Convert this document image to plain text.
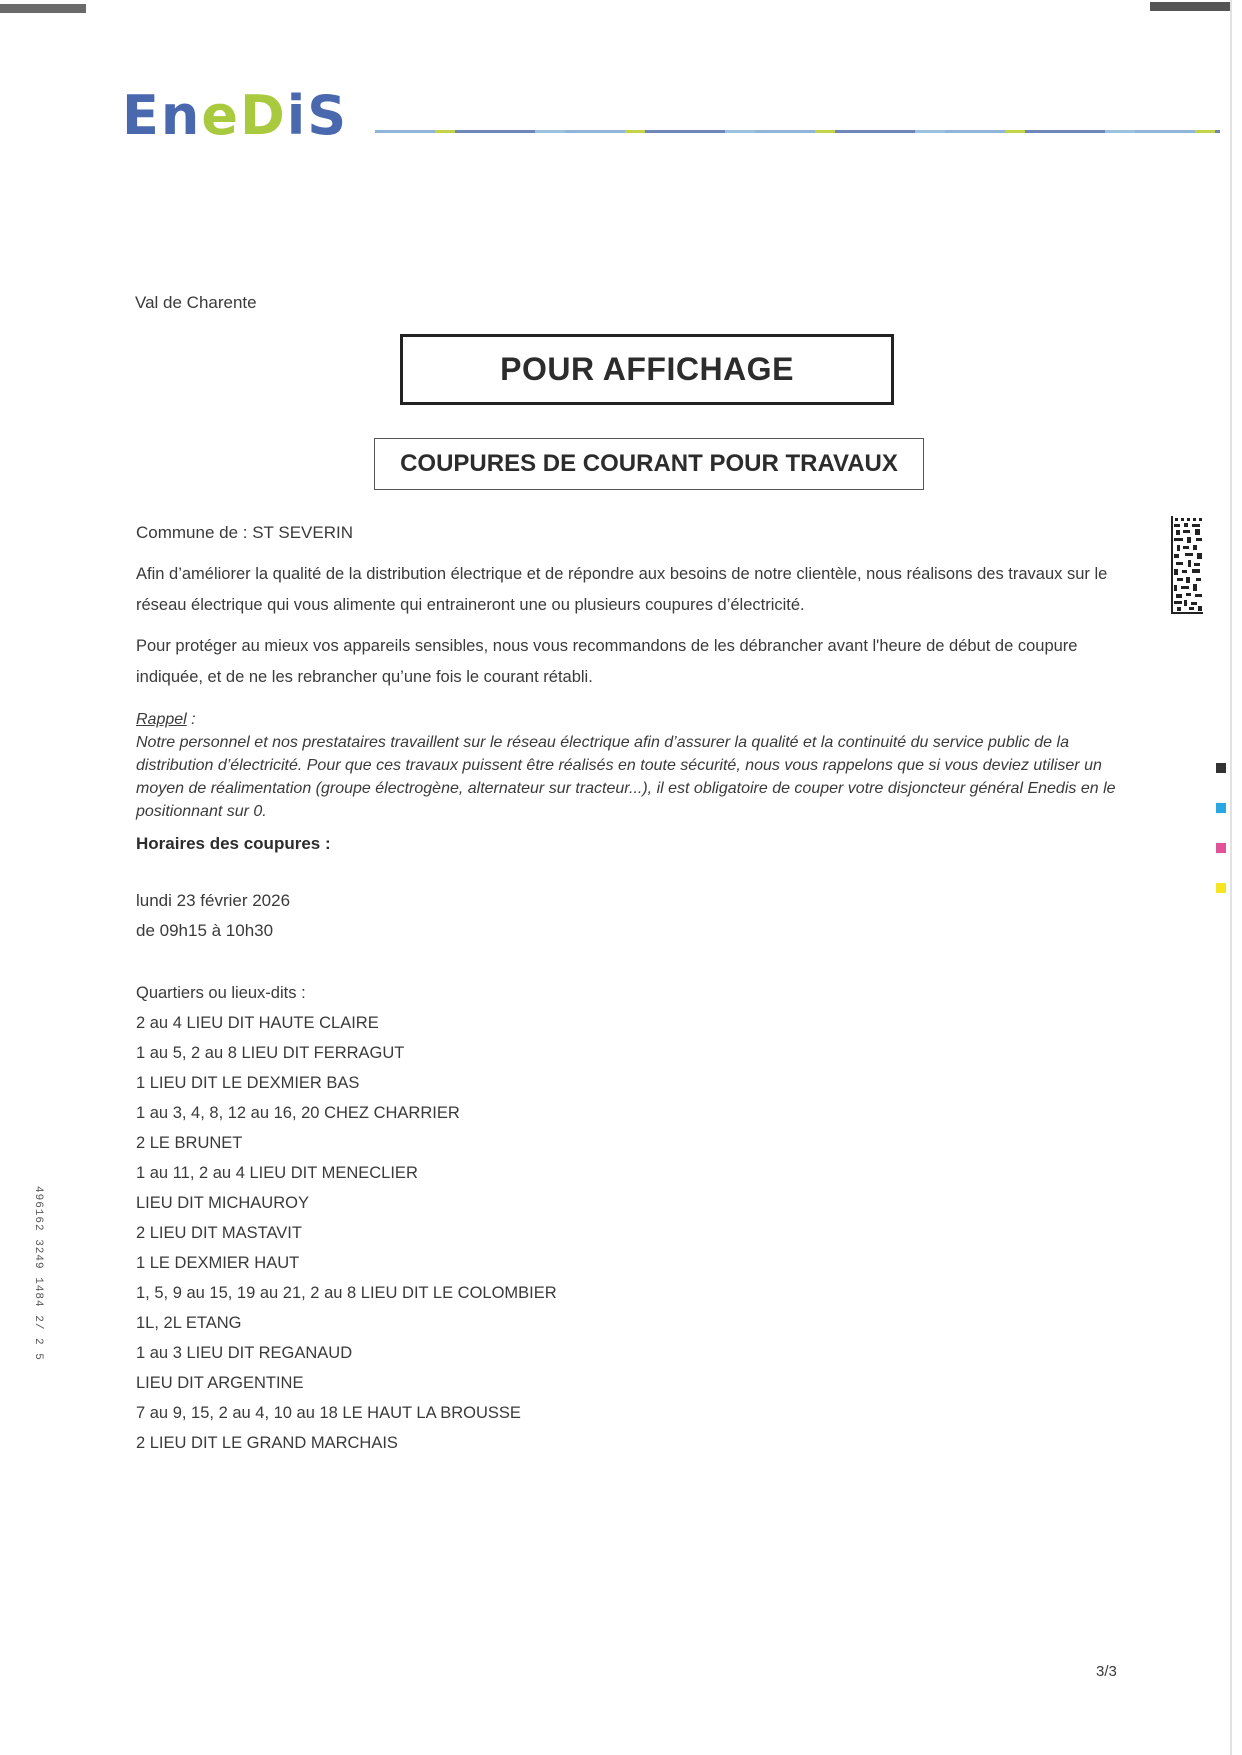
EneDiS
Val de Charente
POUR AFFICHAGE
COUPURES DE COURANT POUR TRAVAUX
Commune de : ST SEVERIN
Afin d’améliorer la qualité de la distribution électrique et de répondre aux besoins de notre clientèle, nous réalisons des travaux sur le réseau électrique qui vous alimente qui entraineront une ou plusieurs coupures d’électricité.
Pour protéger au mieux vos appareils sensibles, nous vous recommandons de les débrancher avant l'heure de début de coupure indiquée, et de ne les rebrancher qu’une fois le courant rétabli.
Rappel :
Notre personnel et nos prestataires travaillent sur le réseau électrique afin d’assurer la qualité et la continuité du service public de la distribution d’électricité. Pour que ces travaux puissent être réalisés en toute sécurité, nous vous rappelons que si vous deviez utiliser un moyen de réalimentation (groupe électrogène, alternateur sur tracteur...), il est obligatoire de couper votre disjoncteur général Enedis en le positionnant sur 0.
Horaires des coupures :
lundi 23 février 2026
de 09h15 à 10h30
Quartiers ou lieux-dits :
2 au 4 LIEU DIT HAUTE CLAIRE
1 au 5, 2 au 8 LIEU DIT FERRAGUT
1 LIEU DIT LE DEXMIER BAS
1 au 3, 4, 8, 12 au 16, 20 CHEZ CHARRIER
2 LE BRUNET
1 au 11, 2 au 4 LIEU DIT MENECLIER
LIEU DIT MICHAUROY
2 LIEU DIT MASTAVIT
1 LE DEXMIER HAUT
1, 5, 9 au 15, 19 au 21, 2 au 8 LIEU DIT LE COLOMBIER
1L, 2L ETANG
1 au 3 LIEU DIT REGANAUD
LIEU DIT ARGENTINE
7 au 9, 15, 2 au 4, 10 au 18 LE HAUT LA BROUSSE
2 LIEU DIT LE GRAND MARCHAIS
496162 3249 1484 2/ 2 5
3/3
